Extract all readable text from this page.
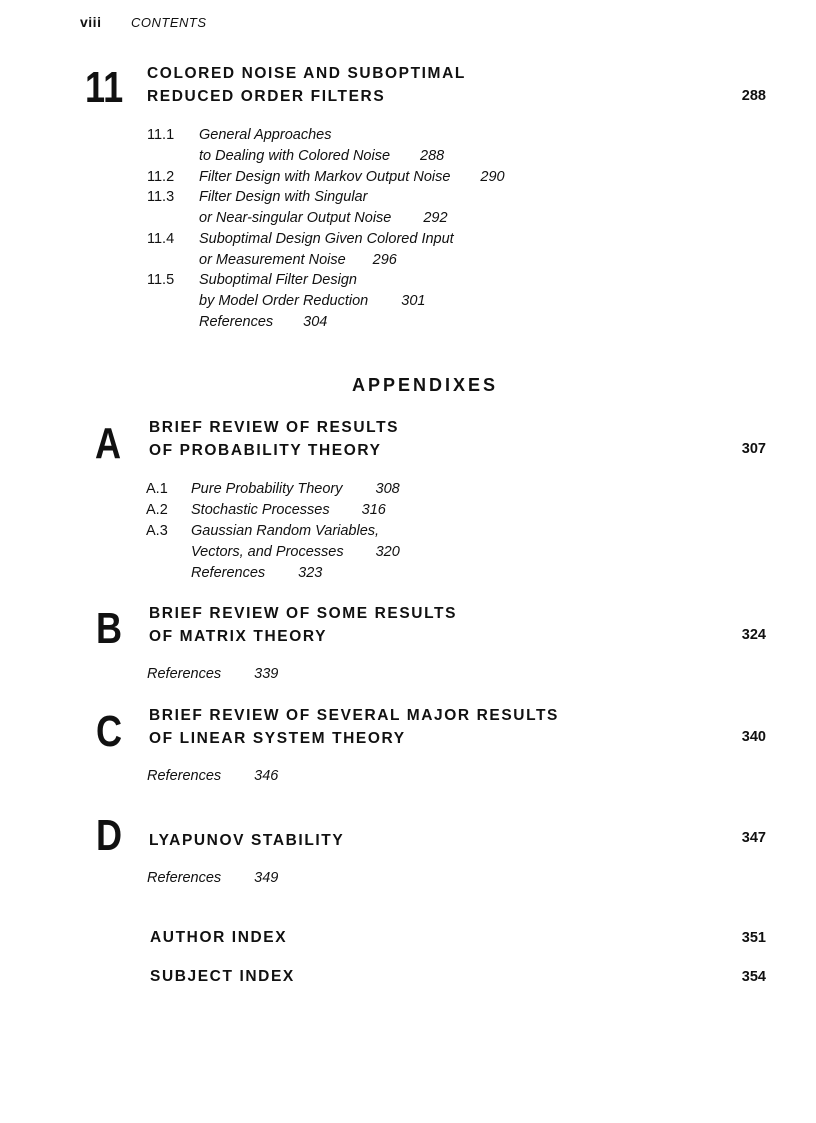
viii CONTENTS
11 COLORED NOISE AND SUBOPTIMAL
REDUCED ORDER FILTERS	288
11.1 General Approaches
to Dealing with Colored Noise 288
11.2 Filter Design with Markov Output Noise 290
11.3 Filter Design with Singular
or Near-singular Output Noise 292
11.4 Suboptimal Design Given Colored Input
or Measurement Noise 296
11.5 Suboptimal Filter Design
by Model Order Reduction 301
References 304
APPENDIXES
A BRIEF REVIEW OF RESULTS
OF PROBABILITY THEORY	307
A.1 Pure Probability Theory 308
A.2 Stochastic Processes 316
A.3 Gaussian Random Variables,
Vectors, and Processes 320
References 323
B BRIEF REVIEW OF SOME RESULTS
OF MATRIX THEORY	324
References 339
C BRIEF REVIEW OF SEVERAL MAJOR RESULTS
OF LINEAR SYSTEM THEORY	340
References 346
D LYAPUNOV STABILITY	347
References 349
AUTHOR INDEX	351
SUBJECT INDEX	354
